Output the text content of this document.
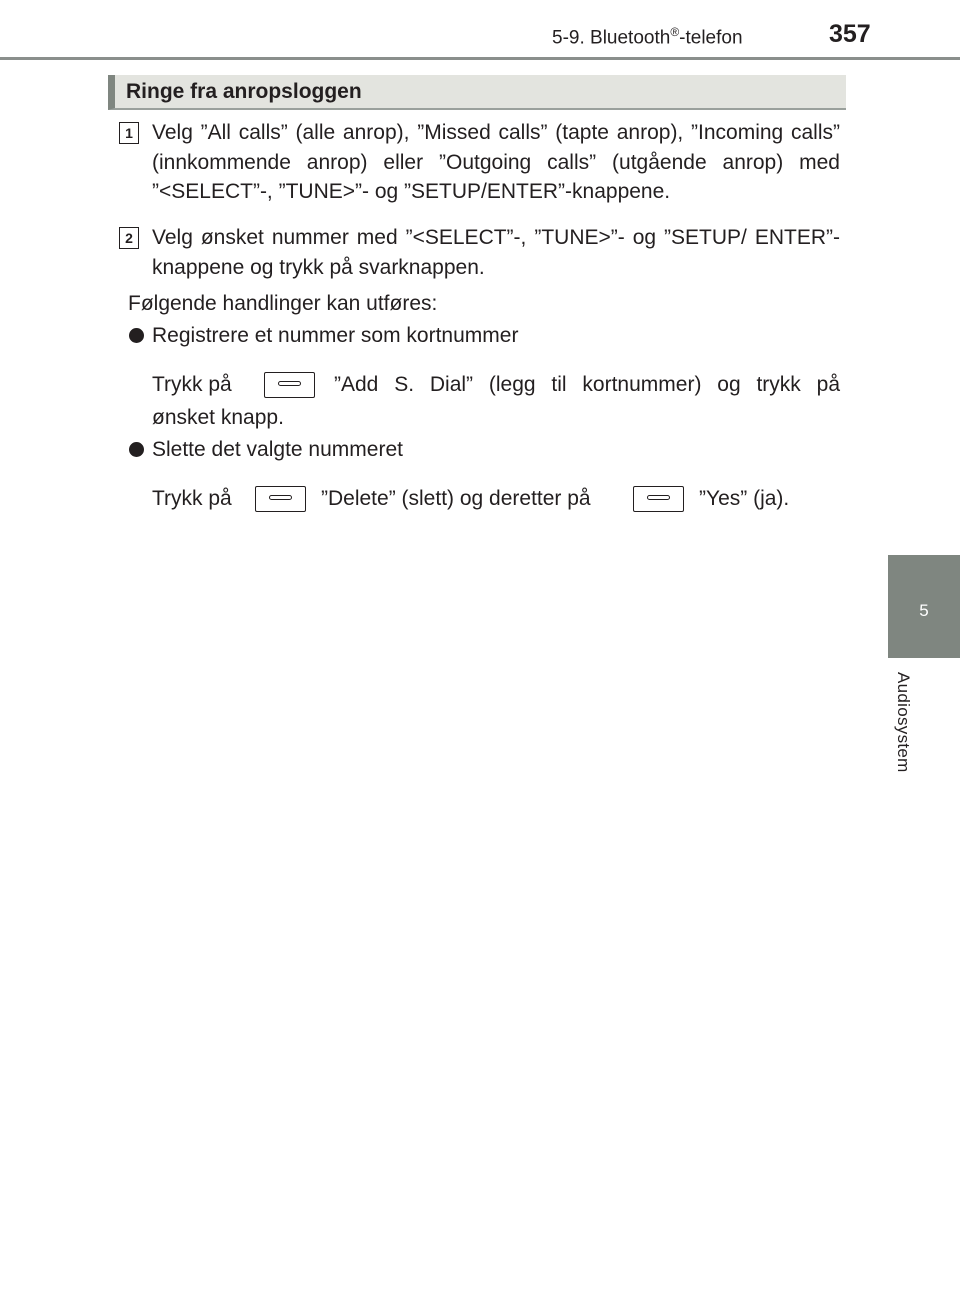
5-9. Bluetooth®-telefon	357
5
Audiosystem
Ringe fra anropsloggen
1 Velg ”All calls” (alle anrop), ”Missed calls” (tapte anrop), ”Incoming calls” (innkommende anrop) eller ”Outgoing calls” (utgående anrop) med ”<SELECT”-, ”TUNE>”- og ”SETUP/ENTER”-knappene.
2 Velg ønsket nummer med ”<SELECT”-, ”TUNE>”- og ”SETUP/ ENTER”-knappene og trykk på svarknappen.
Følgende handlinger kan utføres:
Registrere et nummer som kortnummer
Trykk på	”Add S. Dial” (legg til kortnummer) og trykk på
ønsket knapp.
Slette det valgte nummeret
Trykk på	”Delete” (slett) og deretter på	”Yes” (ja).
